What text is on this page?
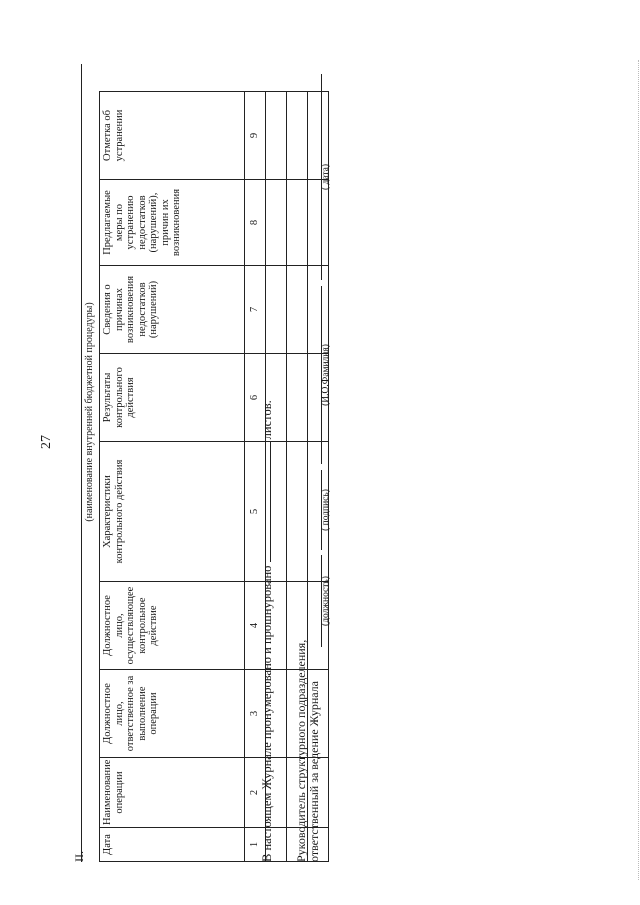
27
II.
(наименование внутренней бюджетной процедуры)
Дата	Наименование операции	Должностное лицо, ответственное за выполнение операции	Должностное лицо, осуществляющее контрольное действие	Характеристики контрольного действия	Результаты контрольного действия	Сведения о причинах возникновения недостатков (нарушений)	Предлагаемые меры по устранению недостатков (нарушений), причин их возникновения	Отметка об устранении
1	2	3	4	5	6	7	8	9

В настоящем Журнале пронумеровано и прошнуровано  листов.
Руководитель структурного подразделения, ответственный за ведение Журнала
(должность)
( подпись)
(И.О.Фамилия)
( дата)
